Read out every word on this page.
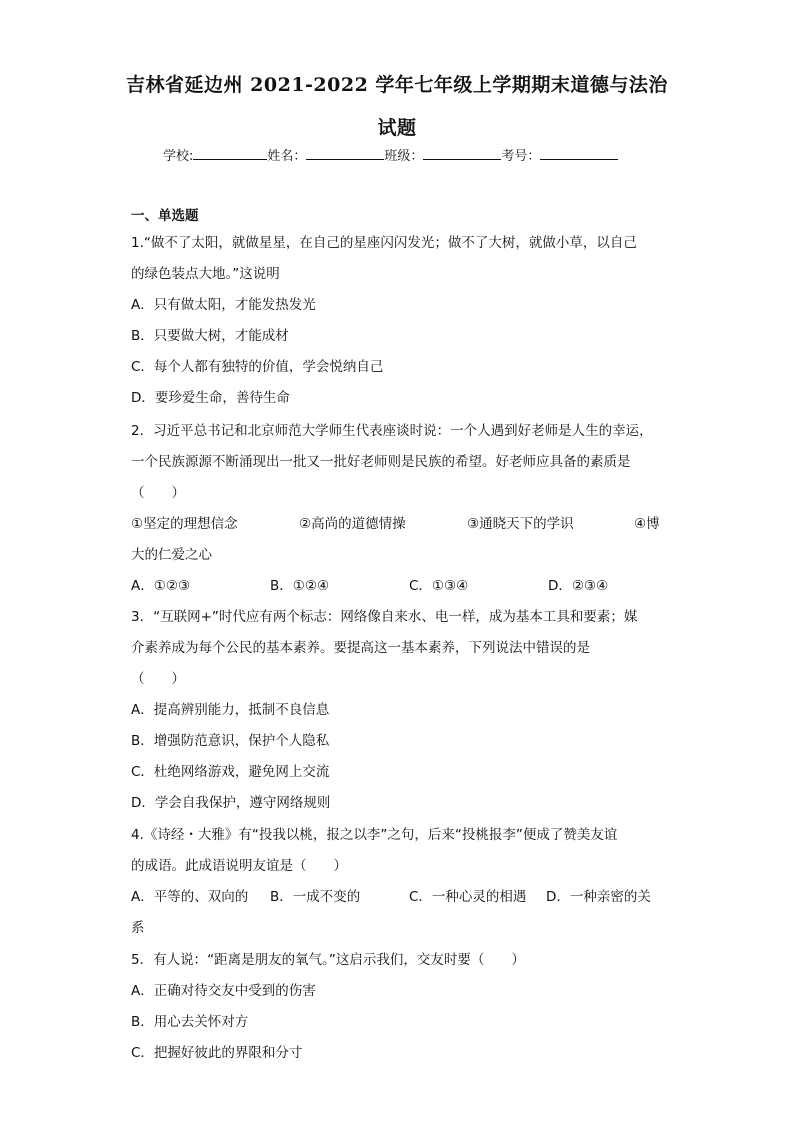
吉林省延边州 2021-2022 学年七年级上学期期末道德与法治
试题
学校:	姓名：	班级：	考号：
一、单选题
1.“做不了太阳，就做星星，在自己的星座闪闪发光；做不了大树，就做小草，以自己
的绿色装点大地。”这说明
A．只有做太阳，才能发热发光
B．只要做大树，才能成材
C．每个人都有独特的价值，学会悦纳自己
D．要珍爱生命，善待生命
2．习近平总书记和北京师范大学师生代表座谈时说：一个人遇到好老师是人生的幸运，
一个民族源源不断涌现出一批又一批好老师则是民族的希望。好老师应具备的素质是
（　　）
①坚定的理想信念	②高尚的道德情操	③通晓天下的学识	④博
大的仁爱之心
A．①②③	B．①②④	C．①③④	D．②③④
3．“互联网+”时代应有两个标志：网络像自来水、电一样，成为基本工具和要素；媒
介素养成为每个公民的基本素养。要提高这一基本素养，下列说法中错误的是
（　　）
A．提高辨别能力，抵制不良信息
B．增强防范意识，保护个人隐私
C．杜绝网络游戏，避免网上交流
D．学会自我保护，遵守网络规则
4.《诗经・大雅》有“投我以桃，报之以李”之句，后来“投桃报李”便成了赞美友谊
的成语。此成语说明友谊是（　　）
A．平等的、双向的 B．一成不变的	C．一种心灵的相遇 D．一种亲密的关
系
5．有人说：“距离是朋友的氧气。”这启示我们，交友时要（　　）
A．正确对待交友中受到的伤害
B．用心去关怀对方
C．把握好彼此的界限和分寸
